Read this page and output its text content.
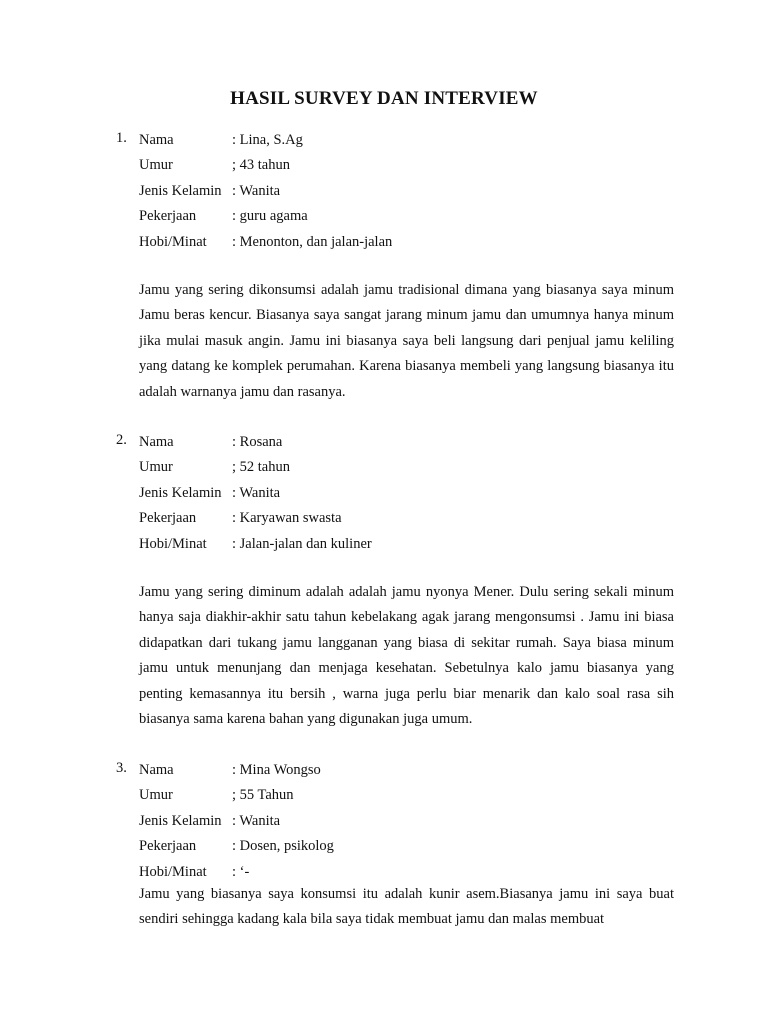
HASIL SURVEY DAN INTERVIEW
1. Nama	: Lina, S.Ag
Umur	; 43 tahun
Jenis Kelamin : Wanita
Pekerjaan	: guru agama
Hobi/Minat	: Menonton, dan jalan-jalan

Jamu yang sering dikonsumsi adalah jamu tradisional dimana yang biasanya saya minum Jamu beras kencur. Biasanya saya sangat jarang minum jamu dan umumnya hanya minum jika mulai masuk angin. Jamu ini biasanya saya beli langsung dari penjual jamu keliling yang datang ke komplek perumahan. Karena biasanya membeli yang langsung biasanya itu adalah warnanya jamu dan rasanya.

2. Nama	: Rosana
Umur	; 52 tahun
Jenis Kelamin : Wanita
Pekerjaan	: Karyawan swasta
Hobi/Minat	: Jalan-jalan dan kuliner

Jamu yang sering diminum adalah adalah jamu nyonya Mener. Dulu sering sekali minum hanya saja diakhir-akhir satu tahun kebelakang agak jarang mengonsumsi . Jamu ini biasa didapatkan dari tukang jamu langganan yang biasa di sekitar rumah. Saya biasa minum jamu untuk menunjang dan menjaga kesehatan. Sebetulnya kalo jamu biasanya yang penting kemasannya itu bersih , warna juga perlu biar menarik dan kalo soal rasa sih biasanya sama karena bahan yang digunakan juga umum.

3. Nama	: Mina Wongso
Umur	; 55 Tahun
Jenis Kelamin : Wanita
Pekerjaan	: Dosen, psikolog
Hobi/Minat	: ‘-

Jamu yang biasanya saya konsumsi itu adalah kunir asem.Biasanya jamu ini saya buat sendiri sehingga kadang kala bila saya tidak membuat jamu dan malas membuat
